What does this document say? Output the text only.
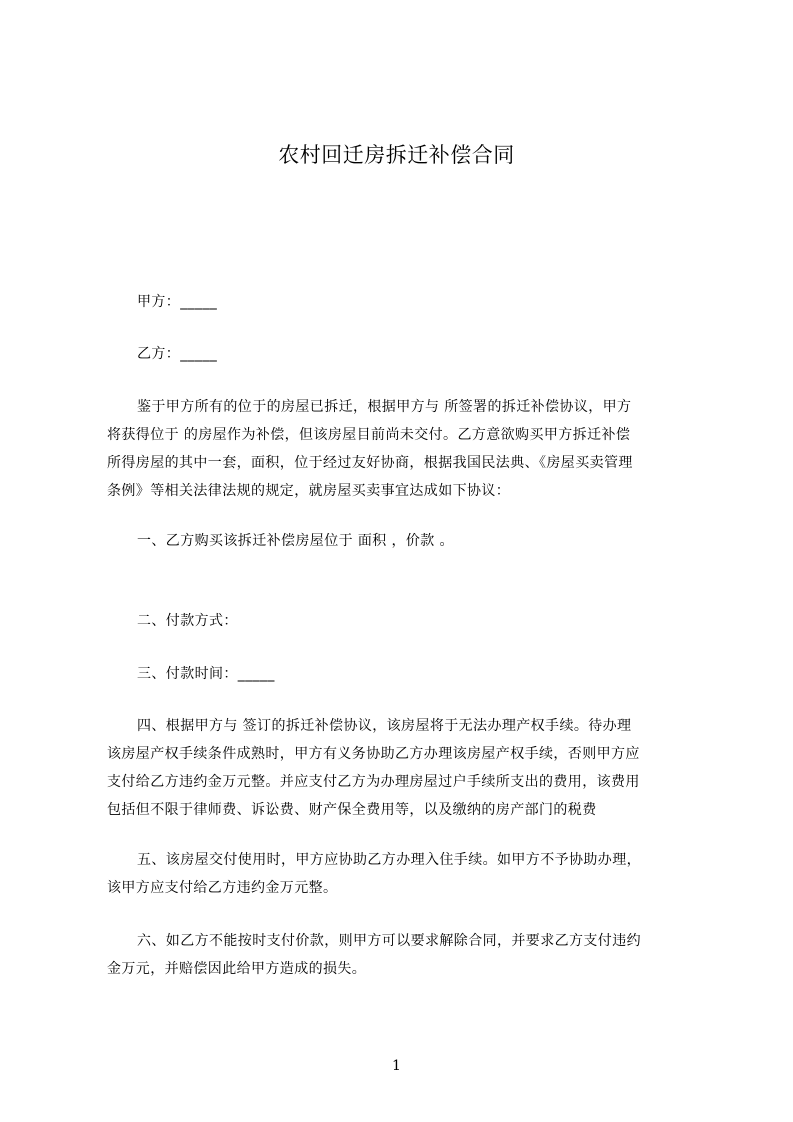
农村回迁房拆迁补偿合同
甲方：_____
乙方：_____
鉴于甲方所有的位于的房屋已拆迁，根据甲方与 所签署的拆迁补偿协议，甲方
将获得位于 的房屋作为补偿，但该房屋目前尚未交付。乙方意欲购买甲方拆迁补偿
所得房屋的其中一套，面积，位于经过友好协商，根据我国民法典、《房屋买卖管理
条例》等相关法律法规的规定，就房屋买卖事宜达成如下协议：
一、乙方购买该拆迁补偿房屋位于 面积 ，价款 。
二、付款方式：
三、付款时间：_____
四、根据甲方与 签订的拆迁补偿协议，该房屋将于无法办理产权手续。待办理
该房屋产权手续条件成熟时，甲方有义务协助乙方办理该房屋产权手续，否则甲方应
支付给乙方违约金万元整。并应支付乙方为办理房屋过户手续所支出的费用，该费用
包括但不限于律师费、诉讼费、财产保全费用等，以及缴纳的房产部门的税费
五、该房屋交付使用时，甲方应协助乙方办理入住手续。如甲方不予协助办理，
该甲方应支付给乙方违约金万元整。
六、如乙方不能按时支付价款，则甲方可以要求解除合同，并要求乙方支付违约
金万元，并赔偿因此给甲方造成的损失。
1
